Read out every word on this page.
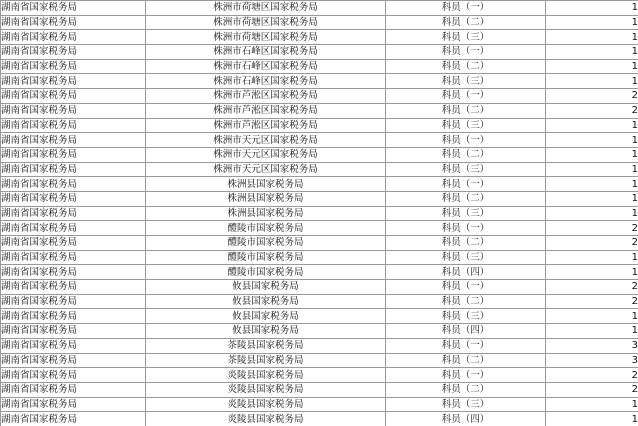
湖南省国家税务局	株洲市荷塘区国家税务局	科员（一）	1
湖南省国家税务局	株洲市荷塘区国家税务局	科员（二）	1
湖南省国家税务局	株洲市荷塘区国家税务局	科员（三）	1
湖南省国家税务局	株洲市石峰区国家税务局	科员（一）	1
湖南省国家税务局	株洲市石峰区国家税务局	科员（二）	1
湖南省国家税务局	株洲市石峰区国家税务局	科员（三）	1
湖南省国家税务局	株洲市芦淞区国家税务局	科员（一）	2
湖南省国家税务局	株洲市芦淞区国家税务局	科员（二）	2
湖南省国家税务局	株洲市芦淞区国家税务局	科员（三）	1
湖南省国家税务局	株洲市天元区国家税务局	科员（一）	1
湖南省国家税务局	株洲市天元区国家税务局	科员（二）	1
湖南省国家税务局	株洲市天元区国家税务局	科员（三）	1
湖南省国家税务局	株洲县国家税务局	科员（一）	1
湖南省国家税务局	株洲县国家税务局	科员（二）	1
湖南省国家税务局	株洲县国家税务局	科员（三）	1
湖南省国家税务局	醴陵市国家税务局	科员（一）	2
湖南省国家税务局	醴陵市国家税务局	科员（二）	2
湖南省国家税务局	醴陵市国家税务局	科员（三）	1
湖南省国家税务局	醴陵市国家税务局	科员（四）	1
湖南省国家税务局	攸县国家税务局	科员（一）	2
湖南省国家税务局	攸县国家税务局	科员（二）	2
湖南省国家税务局	攸县国家税务局	科员（三）	1
湖南省国家税务局	攸县国家税务局	科员（四）	1
湖南省国家税务局	茶陵县国家税务局	科员（一）	3
湖南省国家税务局	茶陵县国家税务局	科员（二）	3
湖南省国家税务局	炎陵县国家税务局	科员（一）	2
湖南省国家税务局	炎陵县国家税务局	科员（二）	2
湖南省国家税务局	炎陵县国家税务局	科员（三）	1
湖南省国家税务局	炎陵县国家税务局	科员（四）	1
